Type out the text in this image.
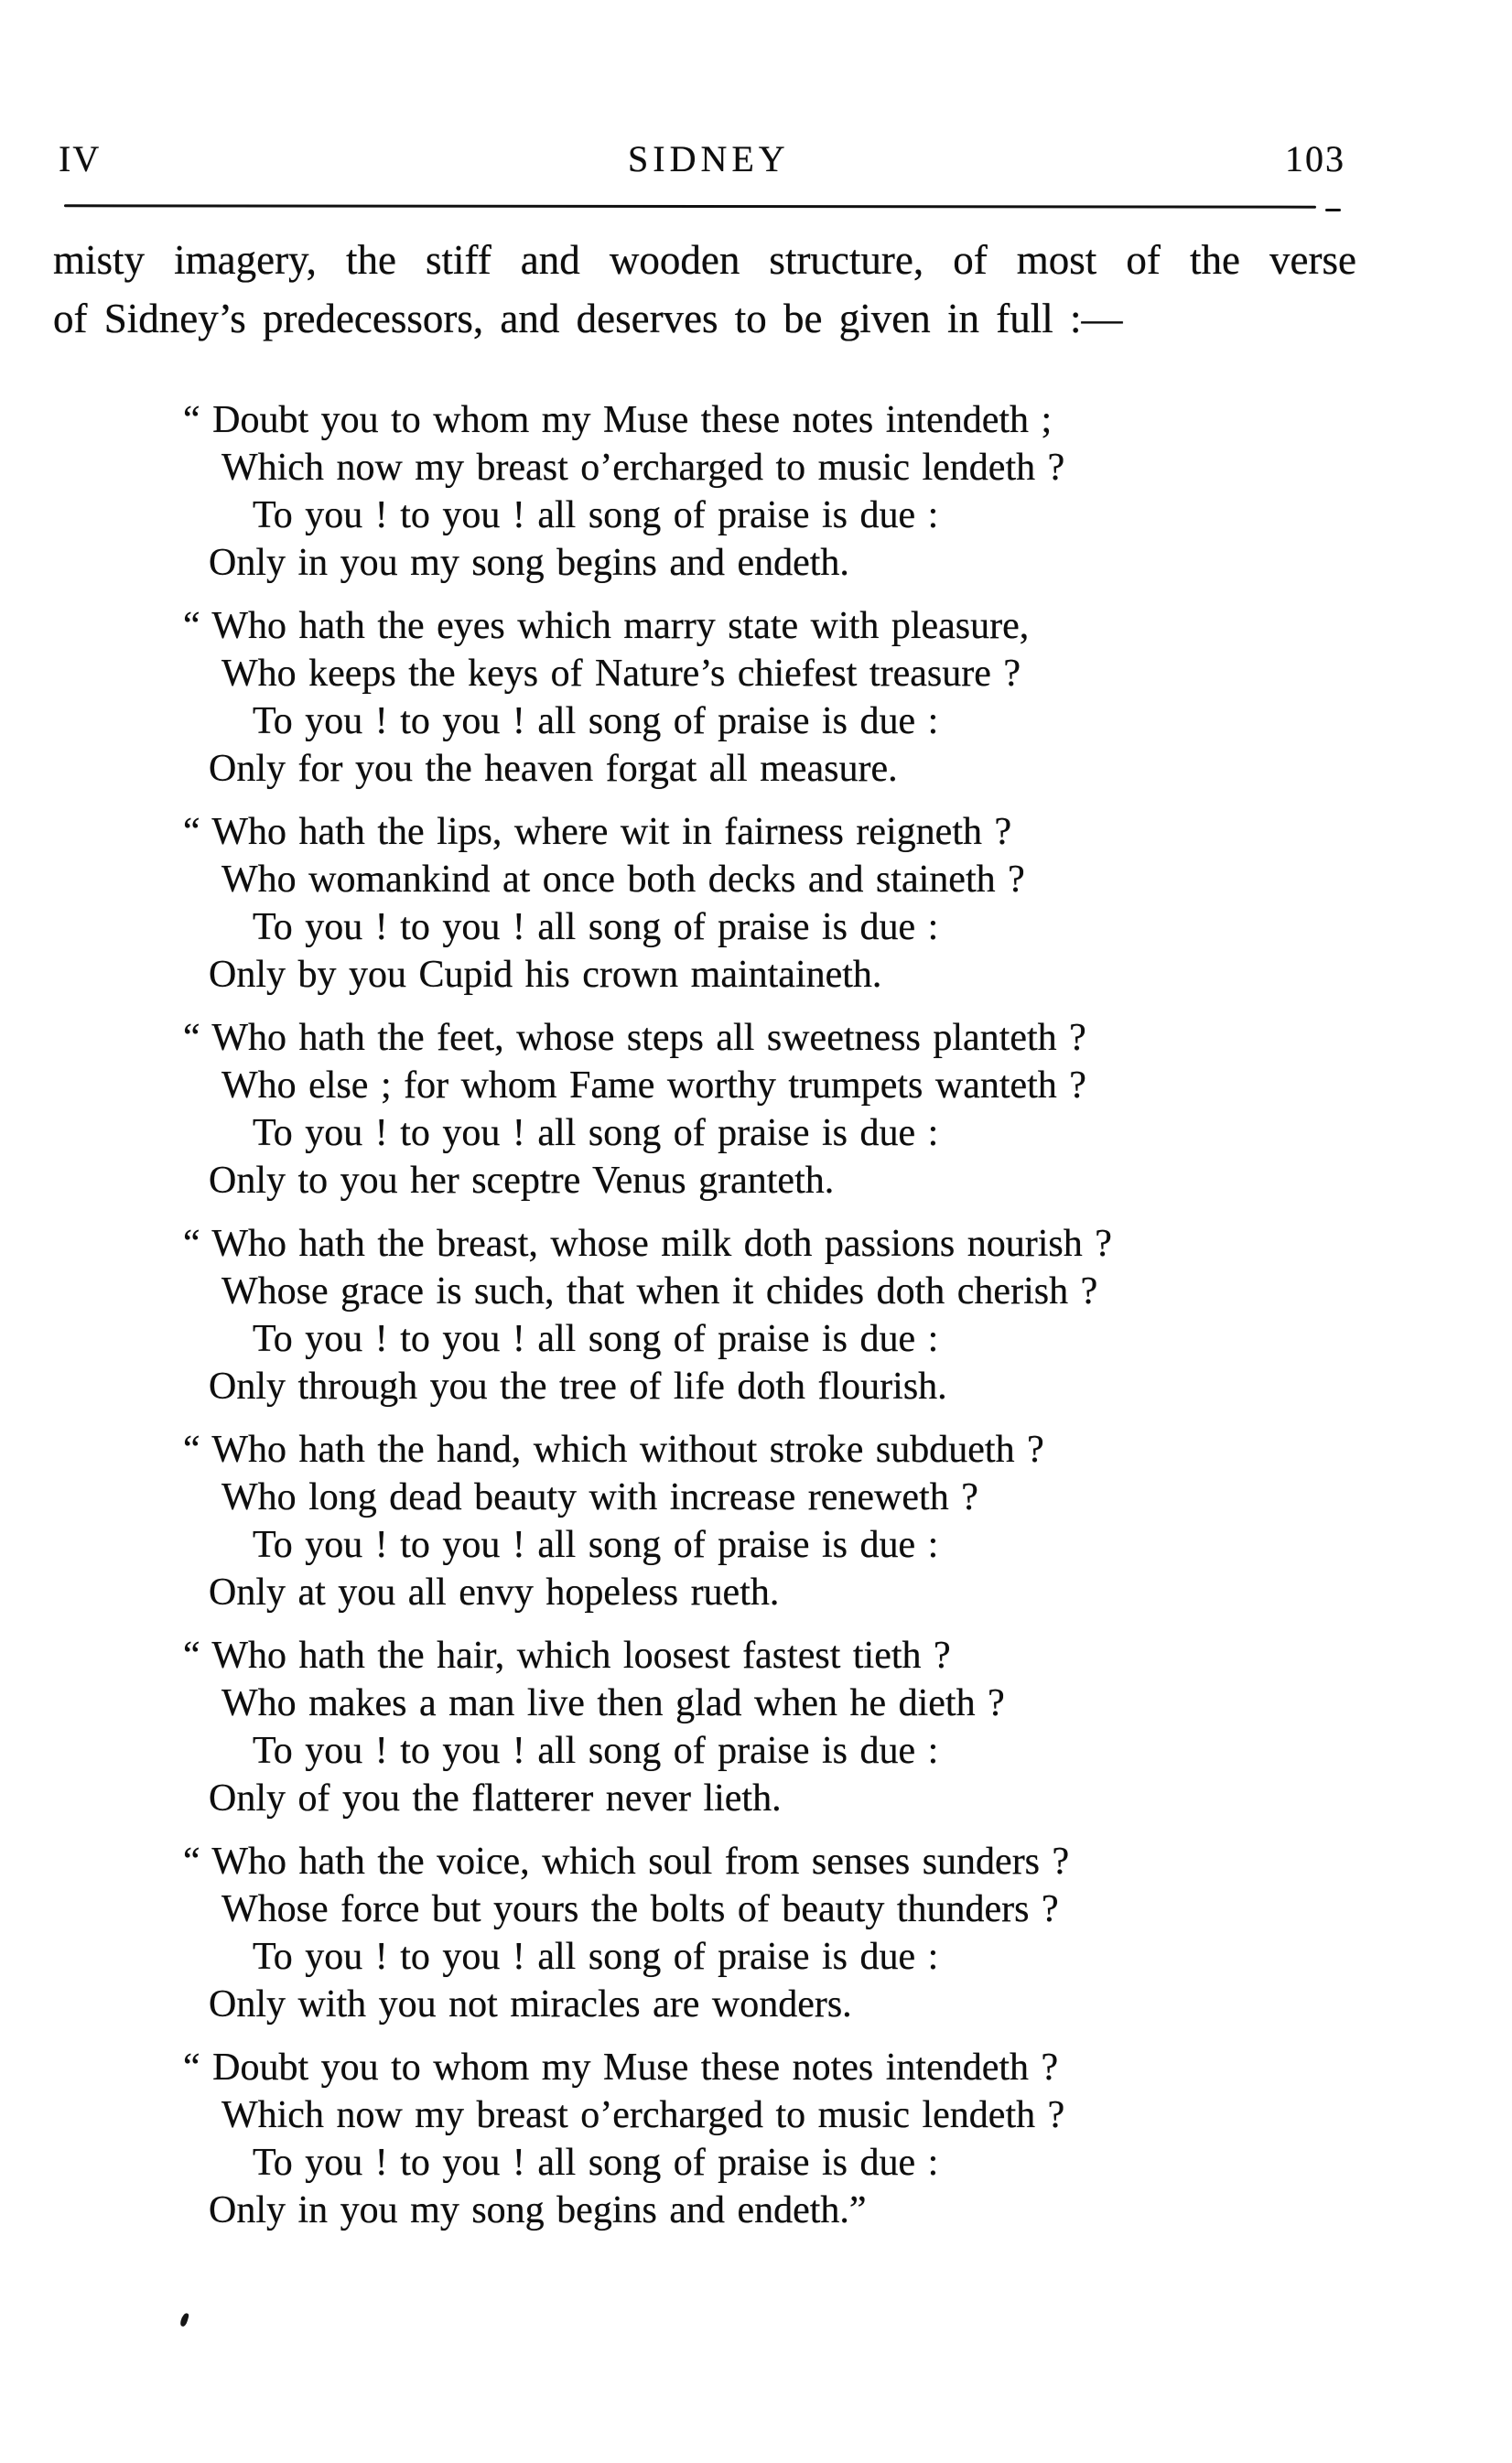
IV	SIDNEY	103
misty imagery, the stiff and wooden structure, of most of the verse
of Sidney’s predecessors, and deserves to be given in full :—
“ Doubt you to whom my Muse these notes intendeth ;
Which now my breast o’ercharged to music lendeth ?
To you ! to you ! all song of praise is due :
Only in you my song begins and endeth.
“ Who hath the eyes which marry state with pleasure,
Who keeps the keys of Nature’s chiefest treasure ?
To you ! to you ! all song of praise is due :
Only for you the heaven forgat all measure.
“ Who hath the lips, where wit in fairness reigneth ?
Who womankind at once both decks and staineth ?
To you ! to you ! all song of praise is due :
Only by you Cupid his crown maintaineth.
“ Who hath the feet, whose steps all sweetness planteth ?
Who else ; for whom Fame worthy trumpets wanteth ?
To you ! to you ! all song of praise is due :
Only to you her sceptre Venus granteth.
“ Who hath the breast, whose milk doth passions nourish ?
Whose grace is such, that when it chides doth cherish ?
To you ! to you ! all song of praise is due :
Only through you the tree of life doth flourish.
“ Who hath the hand, which without stroke subdueth ?
Who long dead beauty with increase reneweth ?
To you ! to you ! all song of praise is due :
Only at you all envy hopeless rueth.
“ Who hath the hair, which loosest fastest tieth ?
Who makes a man live then glad when he dieth ?
To you ! to you ! all song of praise is due :
Only of you the flatterer never lieth.
“ Who hath the voice, which soul from senses sunders ?
Whose force but yours the bolts of beauty thunders ?
To you ! to you ! all song of praise is due :
Only with you not miracles are wonders.
“ Doubt you to whom my Muse these notes intendeth ?
Which now my breast o’ercharged to music lendeth ?
To you ! to you ! all song of praise is due :
Only in you my song begins and endeth.”
